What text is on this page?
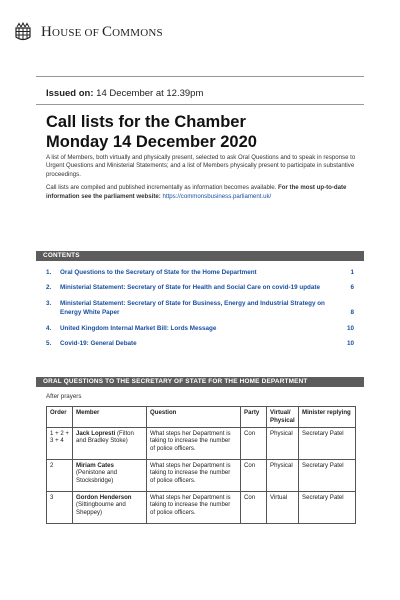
HOUSE OF COMMONS
Issued on: 14 December at 12.39pm
Call lists for the Chamber
Monday 14 December 2020

A list of Members, both virtually and physically present, selected to ask Oral Questions and to speak in response to Urgent Questions and Ministerial Statements; and a list of Members physically present to participate in substantive proceedings.

Call lists are compiled and published incrementally as information becomes available. For the most up-to-date information see the parliament website: https://commonsbusiness.parliament.uk/

CONTENTS
1.	Oral Questions to the Secretary of State for the Home Department	1
2.	Ministerial Statement: Secretary of State for Health and Social Care on covid-19 update	6
3.	Ministerial Statement: Secretary of State for Business, Energy and Industrial Strategy on Energy White Paper	8
4.	United Kingdom Internal Market Bill: Lords Message	10
5.	Covid-19: General Debate	10
ORAL QUESTIONS TO THE SECRETARY OF STATE FOR THE HOME DEPARTMENT
After prayers
Order	Member	Question	Party	Virtual/ Physical	Minister replying
1 + 2 + 3 + 4	Jack Lopresti (Filton and Bradley Stoke)	What steps her Department is taking to increase the number of police officers.	Con	Physical	Secretary Patel
2	Miriam Cates (Penistone and Stocksbridge)	What steps her Department is taking to increase the number of police officers.	Con	Physical	Secretary Patel
3	Gordon Henderson (Sittingbourne and Sheppey)	What steps her Department is taking to increase the number of police officers.	Con	Virtual	Secretary Patel
